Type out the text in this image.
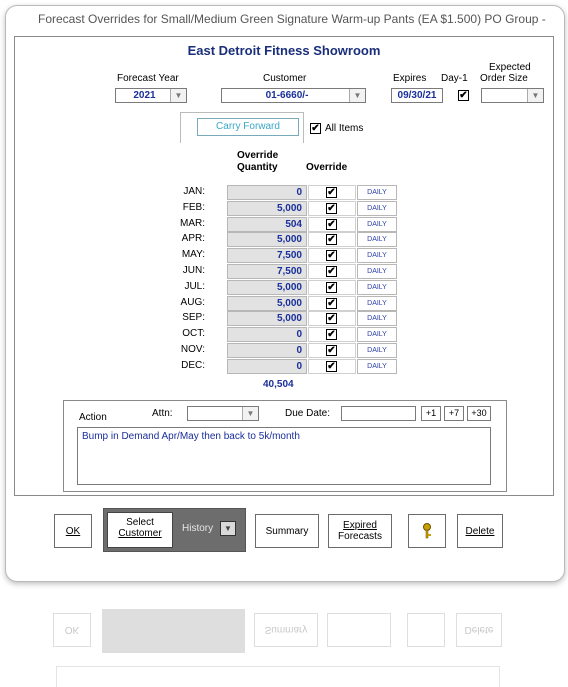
Forecast Overrides for Small/Medium Green Signature Warm-up Pants (EA $1.500) PO Group -
East Detroit Fitness Showroom
Forecast Year	Customer	Expires Day-1
Expected
Order Size
2021	▼	01-6660/-	▼	09/30/21	✔	▼
Carry Forward	✔ All Items
Override
Quantity	Override
JAN:	0	✔	DAILY
FEB:	5,000	✔	DAILY
MAR:	504	✔	DAILY
APR:	5,000	✔	DAILY
MAY:	7,500	✔	DAILY
JUN:	7,500	✔	DAILY
JUL:	5,000	✔	DAILY
AUG:	5,000	✔	DAILY
SEP:	5,000	✔	DAILY
OCT:	0	✔	DAILY
NOV:	0	✔	DAILY
DEC:	0	✔	DAILY
40,504
Action	Attn:	▼	Due Date:	+1	+7	+30
Bump in Demand Apr/May then back to 5k/month
OK
Select
Customer	History	▼	Summary	Expired
Forecasts	Delete
OK	Summary	Delete
